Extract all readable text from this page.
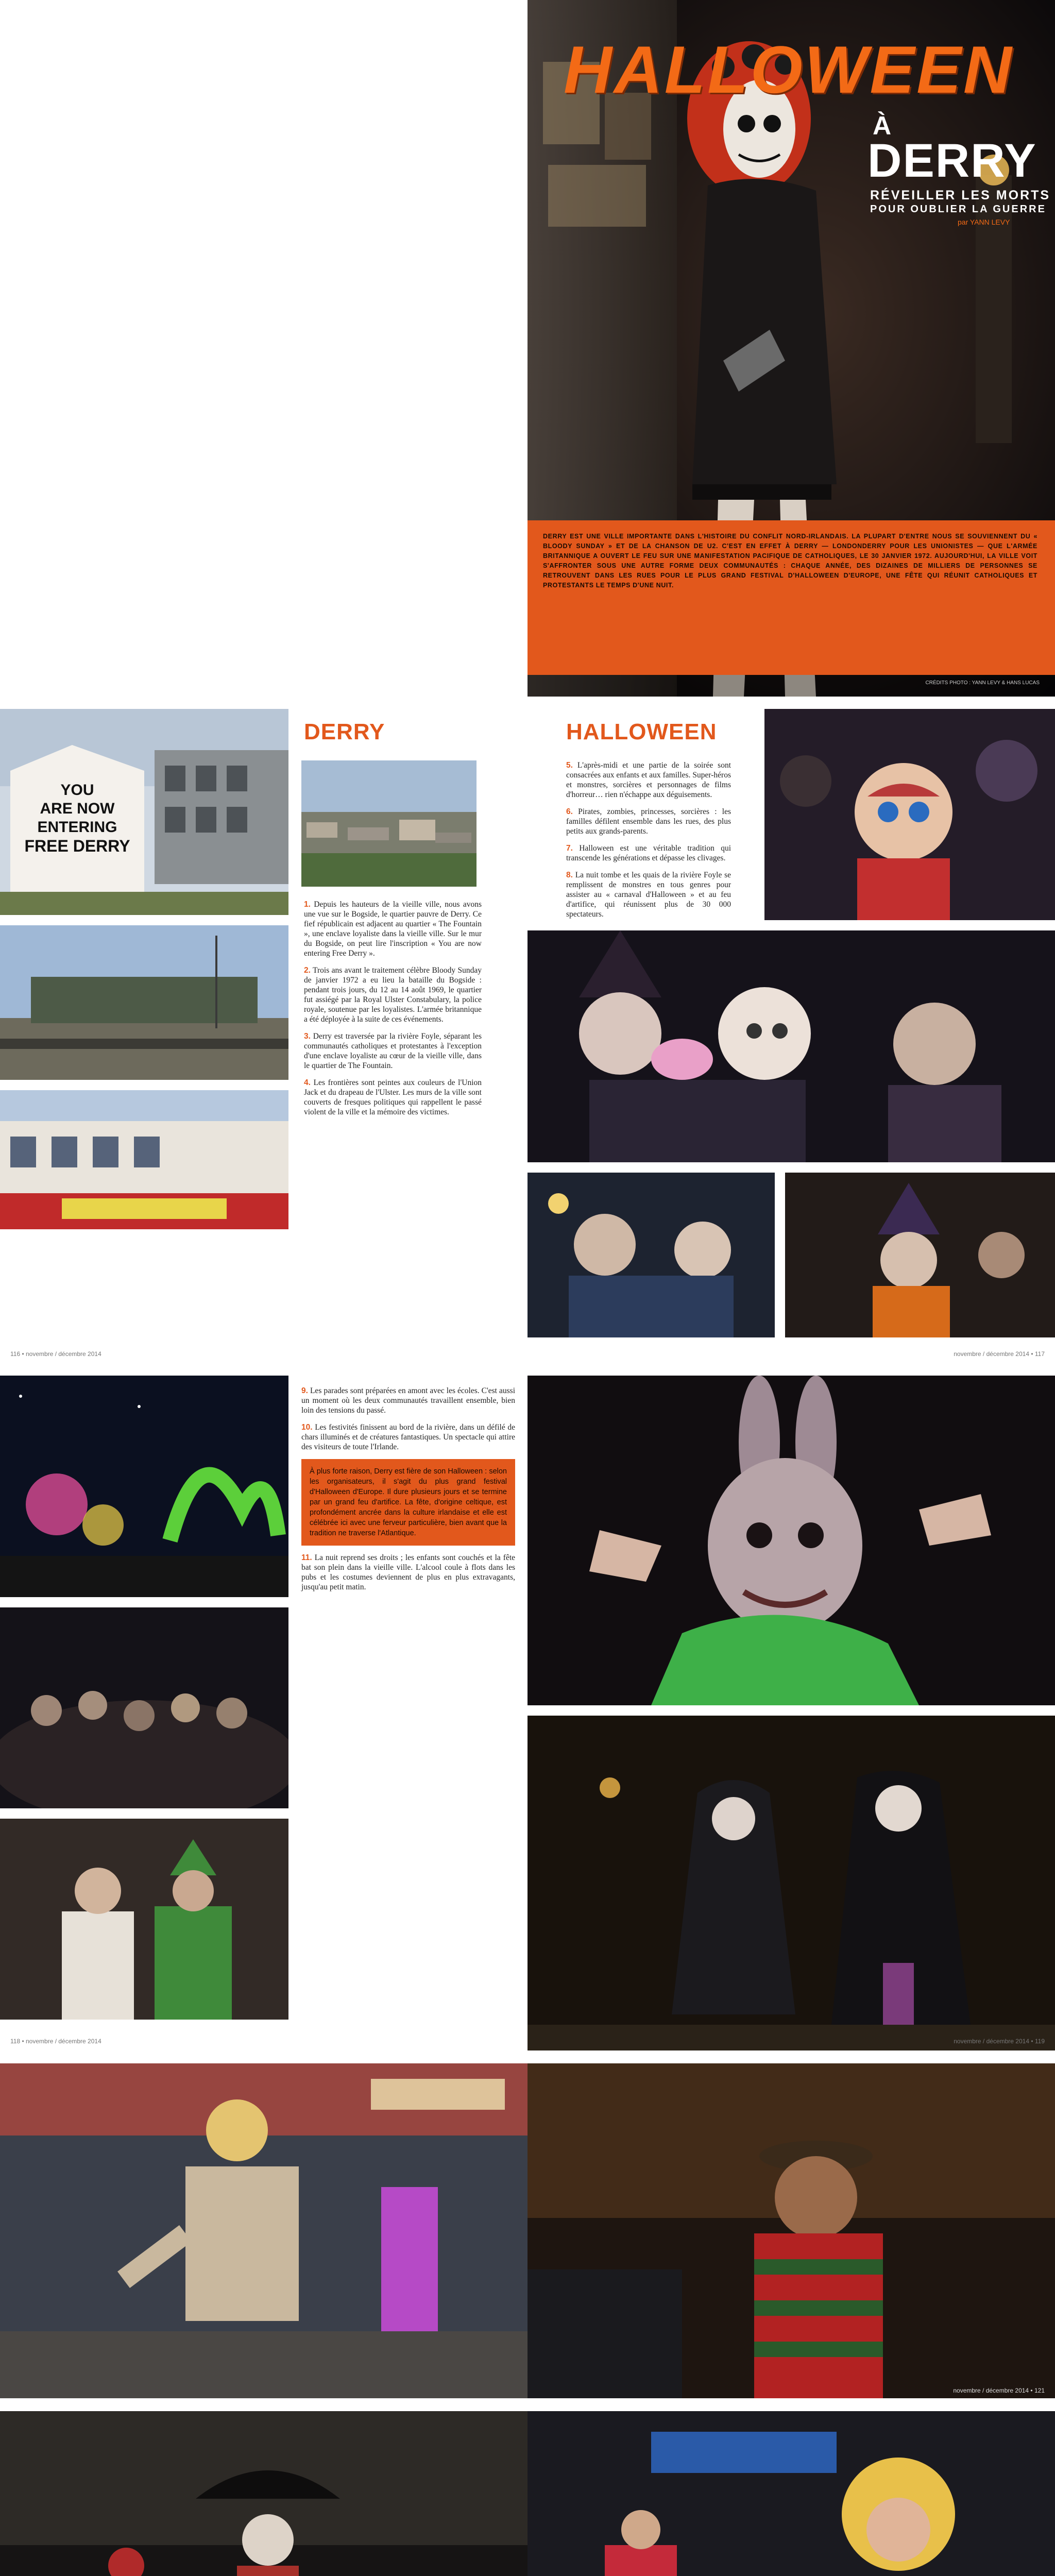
HALLOWEEN
À
DERRY
RÉVEILLER LES MORTS
POUR OUBLIER LA GUERRE
par YANN LEVY
DERRY EST UNE VILLE IMPORTANTE DANS L'HISTOIRE DU CONFLIT NORD-IRLANDAIS. LA PLUPART D'ENTRE NOUS SE SOUVIENNENT DU « BLOODY SUNDAY » ET DE LA CHANSON DE U2. C'EST EN EFFET À DERRY — LONDONDERRY POUR LES UNIONISTES — QUE L'ARMÉE BRITANNIQUE A OUVERT LE FEU SUR UNE MANIFESTATION PACIFIQUE DE CATHOLIQUES, LE 30 JANVIER 1972. AUJOURD'HUI, LA VILLE VOIT S'AFFRONTER SOUS UNE AUTRE FORME DEUX COMMUNAUTÉS : CHAQUE ANNÉE, DES DIZAINES DE MILLIERS DE PERSONNES SE RETROUVENT DANS LES RUES POUR LE PLUS GRAND FESTIVAL D'HALLOWEEN D'EUROPE, UNE FÊTE QUI RÉUNIT CATHOLIQUES ET PROTESTANTS LE TEMPS D'UNE NUIT.
CRÉDITS PHOTO : YANN LEVY & HANS LUCAS
YOU
ARE NOW
ENTERING
FREE DERRY
DERRY

1. Depuis les hauteurs de la vieille ville, nous avons une vue sur le Bogside, le quartier pauvre de Derry. Ce fief républicain est adjacent au quartier « The Fountain », une enclave loyaliste dans la vieille ville. Sur le mur du Bogside, on peut lire l'inscription « You are now entering Free Derry ».

2. Trois ans avant le traitement célèbre Bloody Sunday de janvier 1972 a eu lieu la bataille du Bogside : pendant trois jours, du 12 au 14 août 1969, le quartier fut assiégé par la Royal Ulster Constabulary, la police royale, soutenue par les loyalistes. L'armée britannique a été déployée à la suite de ces événements.

3. Derry est traversée par la rivière Foyle, séparant les communautés catholiques et protestantes à l'exception d'une enclave loyaliste au cœur de la vieille ville, dans le quartier de The Fountain.

4. Les frontières sont peintes aux couleurs de l'Union Jack et du drapeau de l'Ulster. Les murs de la ville sont couverts de fresques politiques qui rappellent le passé violent de la ville et la mémoire des victimes.

116 • novembre / décembre 2014
HALLOWEEN

5. L'après-midi et une partie de la soirée sont consacrées aux enfants et aux familles. Super-héros et monstres, sorcières et personnages de films d'horreur… rien n'échappe aux déguisements.

6. Pirates, zombies, princesses, sorcières : les familles défilent ensemble dans les rues, des plus petits aux grands-parents.

7. Halloween est une véritable tradition qui transcende les générations et dépasse les clivages.

8. La nuit tombe et les quais de la rivière Foyle se remplissent de monstres en tous genres pour assister au « carnaval d'Halloween » et au feu d'artifice, qui réunissent plus de 30 000 spectateurs.

novembre / décembre 2014 • 117

9. Les parades sont préparées en amont avec les écoles. C'est aussi un moment où les deux communautés travaillent ensemble, bien loin des tensions du passé.

10. Les festivités finissent au bord de la rivière, dans un défilé de chars illuminés et de créatures fantastiques. Un spectacle qui attire des visiteurs de toute l'Irlande.

À plus forte raison, Derry est fière de son Halloween : selon les organisateurs, il s'agit du plus grand festival d'Halloween d'Europe. Il dure plusieurs jours et se termine par un grand feu d'artifice. La fête, d'origine celtique, est profondément ancrée dans la culture irlandaise et elle est célébrée ici avec une ferveur particulière, bien avant que la tradition ne traverse l'Atlantique.

11. La nuit reprend ses droits ; les enfants sont couchés et la fête bat son plein dans la vieille ville. L'alcool coule à flots dans les pubs et les costumes deviennent de plus en plus extravagants, jusqu'au petit matin.

118 • novembre / décembre 2014	novembre / décembre 2014 • 119
novembre / décembre 2014 • 121
